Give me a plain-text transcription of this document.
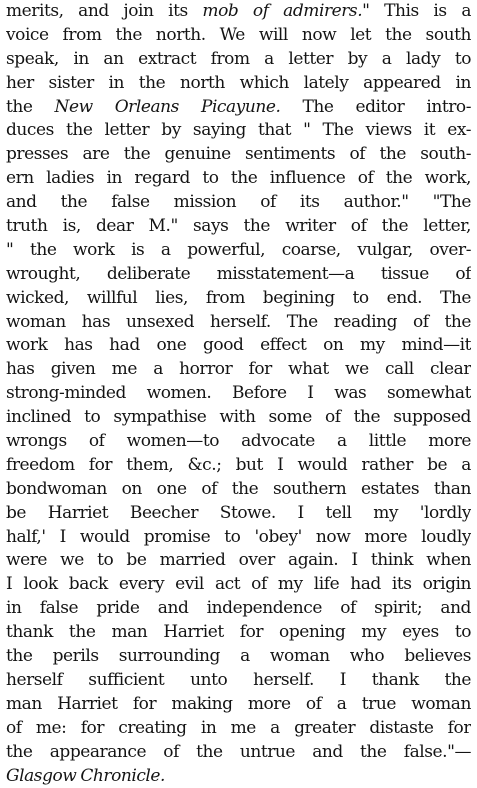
merits, and join its mob of admirers." This is a
voice from the north. We will now let the south
speak, in an extract from a letter by a lady to
her sister in the north which lately appeared in
the New Orleans Picayune. The editor intro-
duces the letter by saying that " The views it ex-
presses are the genuine sentiments of the south-
ern ladies in regard to the influence of the work,
and the false mission of its author." "The
truth is, dear M." says the writer of the letter,
" the work is a powerful, coarse, vulgar, over-
wrought, deliberate misstatement—a tissue of
wicked, willful lies, from begining to end. The
woman has unsexed herself. The reading of the
work has had one good effect on my mind—it
has given me a horror for what we call clear
strong-minded women. Before I was somewhat
inclined to sympathise with some of the supposed
wrongs of women—to advocate a little more
freedom for them, &c.; but I would rather be a
bondwoman on one of the southern estates than
be Harriet Beecher Stowe. I tell my 'lordly
half,' I would promise to 'obey' now more loudly
were we to be married over again. I think when
I look back every evil act of my life had its origin
in false pride and independence of spirit; and
thank the man Harriet for opening my eyes to
the perils surrounding a woman who believes
herself sufficient unto herself. I thank the
man Harriet for making more of a true woman
of me: for creating in me a greater distaste for
the appearance of the untrue and the false."—
Glasgow Chronicle.
